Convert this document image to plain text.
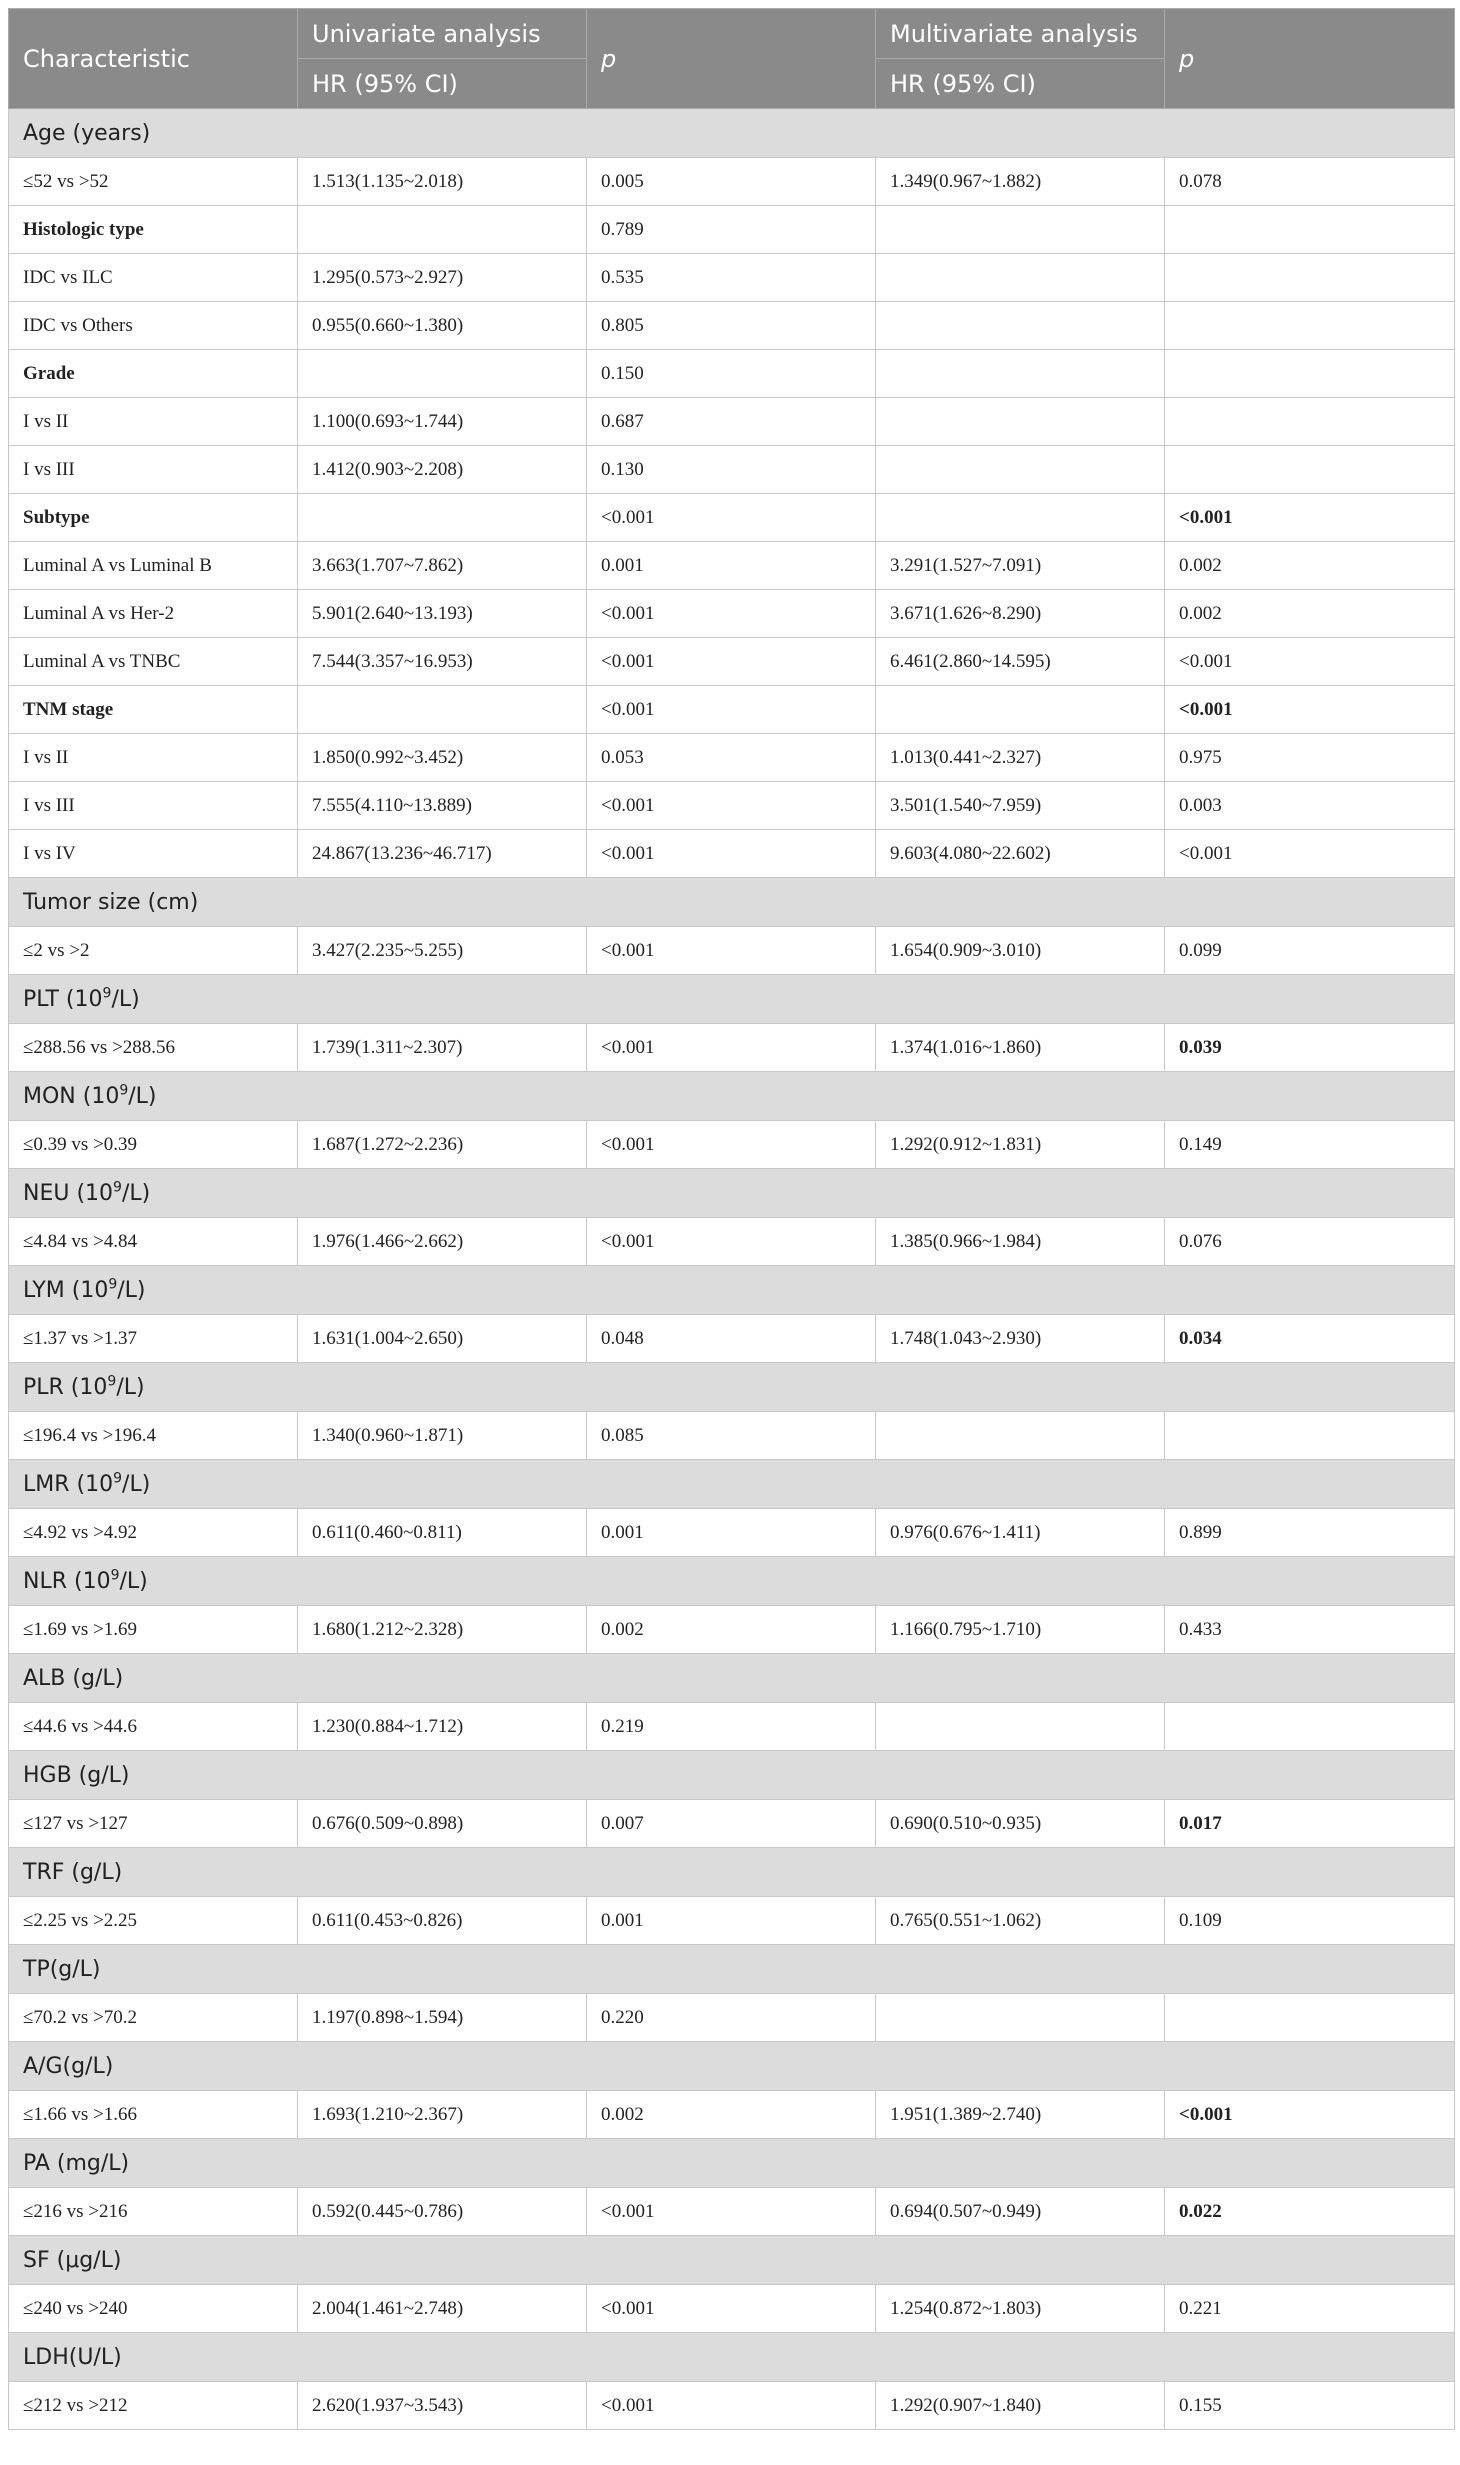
Characteristic	Univariate analysis	p	Multivariate analysis	p
	HR (95% CI)		HR (95% CI)	
Age (years)				
≤52 vs >52	1.513(1.135~2.018)	0.005	1.349(0.967~1.882)	0.078
Histologic type		0.789		
IDC vs ILC	1.295(0.573~2.927)	0.535		
IDC vs Others	0.955(0.660~1.380)	0.805		
Grade		0.150		
I vs II	1.100(0.693~1.744)	0.687		
I vs III	1.412(0.903~2.208)	0.130		
Subtype		<0.001		<0.001
Luminal A vs Luminal B	3.663(1.707~7.862)	0.001	3.291(1.527~7.091)	0.002
Luminal A vs Her-2	5.901(2.640~13.193)	<0.001	3.671(1.626~8.290)	0.002
Luminal A vs TNBC	7.544(3.357~16.953)	<0.001	6.461(2.860~14.595)	<0.001
TNM stage		<0.001		<0.001
I vs II	1.850(0.992~3.452)	0.053	1.013(0.441~2.327)	0.975
I vs III	7.555(4.110~13.889)	<0.001	3.501(1.540~7.959)	0.003
I vs IV	24.867(13.236~46.717)	<0.001	9.603(4.080~22.602)	<0.001
Tumor size (cm)				
≤2 vs >2	3.427(2.235~5.255)	<0.001	1.654(0.909~3.010)	0.099
PLT $(10^9/L)$				
≤288.56 vs >288.56	1.739(1.311~2.307)	<0.001	1.374(1.016~1.860)	0.039
MON $(10^9/L)$				
≤0.39 vs >0.39	1.687(1.272~2.236)	<0.001	1.292(0.912~1.831)	0.149
NEU $(10^9/L)$				
≤4.84 vs >4.84	1.976(1.466~2.662)	<0.001	1.385(0.966~1.984)	0.076
LYM $(10^9/L)$				
≤1.37 vs >1.37	1.631(1.004~2.650)	0.048	1.748(1.043~2.930)	0.034
PLR $(10^9/L)$				
≤196.4 vs >196.4	1.340(0.960~1.871)	0.085		
LMR $(10^9/L)$				
≤4.92 vs >4.92	0.611(0.460~0.811)	0.001	0.976(0.676~1.411)	0.899
NLR $(10^9/L)$				
≤1.69 vs >1.69	1.680(1.212~2.328)	0.002	1.166(0.795~1.710)	0.433
ALB (g/L)				
≤44.6 vs >44.6	1.230(0.884~1.712)	0.219		
HGB (g/L)				
≤127 vs >127	0.676(0.509~0.898)	0.007	0.690(0.510~0.935)	0.017
TRF (g/L)				
≤2.25 vs >2.25	0.611(0.453~0.826)	0.001	0.765(0.551~1.062)	0.109
TP(g/L)				
≤70.2 vs >70.2	1.197(0.898~1.594)	0.220		
A/G(g/L)				
≤1.66 vs >1.66	1.693(1.210~2.367)	0.002	1.951(1.389~2.740)	<0.001
PA (mg/L)				
≤216 vs >216	0.592(0.445~0.786)	<0.001	0.694(0.507~0.949)	0.022
SF (μg/L)				
≤240 vs >240	2.004(1.461~2.748)	<0.001	1.254(0.872~1.803)	0.221
LDH(U/L)				
≤212 vs >212	2.620(1.937~3.543)	<0.001	1.292(0.907~1.840)	0.155
